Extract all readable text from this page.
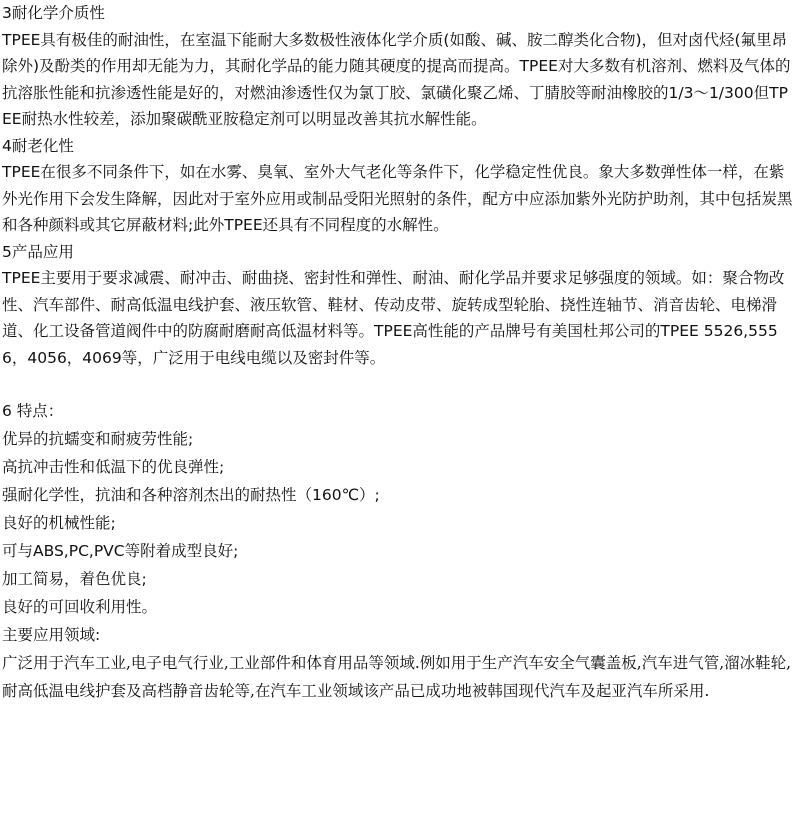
3耐化学介质性

TPEE具有极佳的耐油性，在室温下能耐大多数极性液体化学介质(如酸、碱、胺二醇类化合物)，但对卤代烃(氟里昂除外)及酚类的作用却无能为力，其耐化学品的能力随其硬度的提高而提高。TPEE对大多数有机溶剂、燃料及气体的抗溶胀性能和抗渗透性能是好的，对燃油渗透性仅为氯丁胶、氯磺化聚乙烯、丁腈胶等耐油橡胶的1/3～1/300但TPEE耐热水性较差，添加聚碳酰亚胺稳定剂可以明显改善其抗水解性能。

4耐老化性

TPEE在很多不同条件下，如在水雾、臭氧、室外大气老化等条件下，化学稳定性优良。象大多数弹性体一样，在紫外光作用下会发生降解，因此对于室外应用或制品受阳光照射的条件，配方中应添加紫外光防护助剂，其中包括炭黑和各种颜料或其它屏蔽材料;此外TPEE还具有不同程度的水解性。

5产品应用

TPEE主要用于要求减震、耐冲击、耐曲挠、密封性和弹性、耐油、耐化学品并要求足够强度的领域。如：聚合物改性、汽车部件、耐高低温电线护套、液压软管、鞋材、传动皮带、旋转成型轮胎、挠性连轴节、消音齿轮、电梯滑道、化工设备管道阀件中的防腐耐磨耐高低温材料等。TPEE高性能的产品牌号有美国杜邦公司的TPEE 5526,5556，4056，4069等，广泛用于电线电缆以及密封件等。

6 特点：

优异的抗蠕变和耐疲劳性能;

高抗冲击性和低温下的优良弹性;

强耐化学性，抗油和各种溶剂杰出的耐热性（160℃）;

良好的机械性能;

可与ABS,PC,PVC等附着成型良好;

加工简易，着色优良;

良好的可回收利用性。

主要应用领域:

广泛用于汽车工业,电子电气行业,工业部件和体育用品等领域.例如用于生产汽车安全气囊盖板,汽车进气管,溜冰鞋轮,耐高低温电线护套及高档静音齿轮等,在汽车工业领域该产品已成功地被韩国现代汽车及起亚汽车所采用.
